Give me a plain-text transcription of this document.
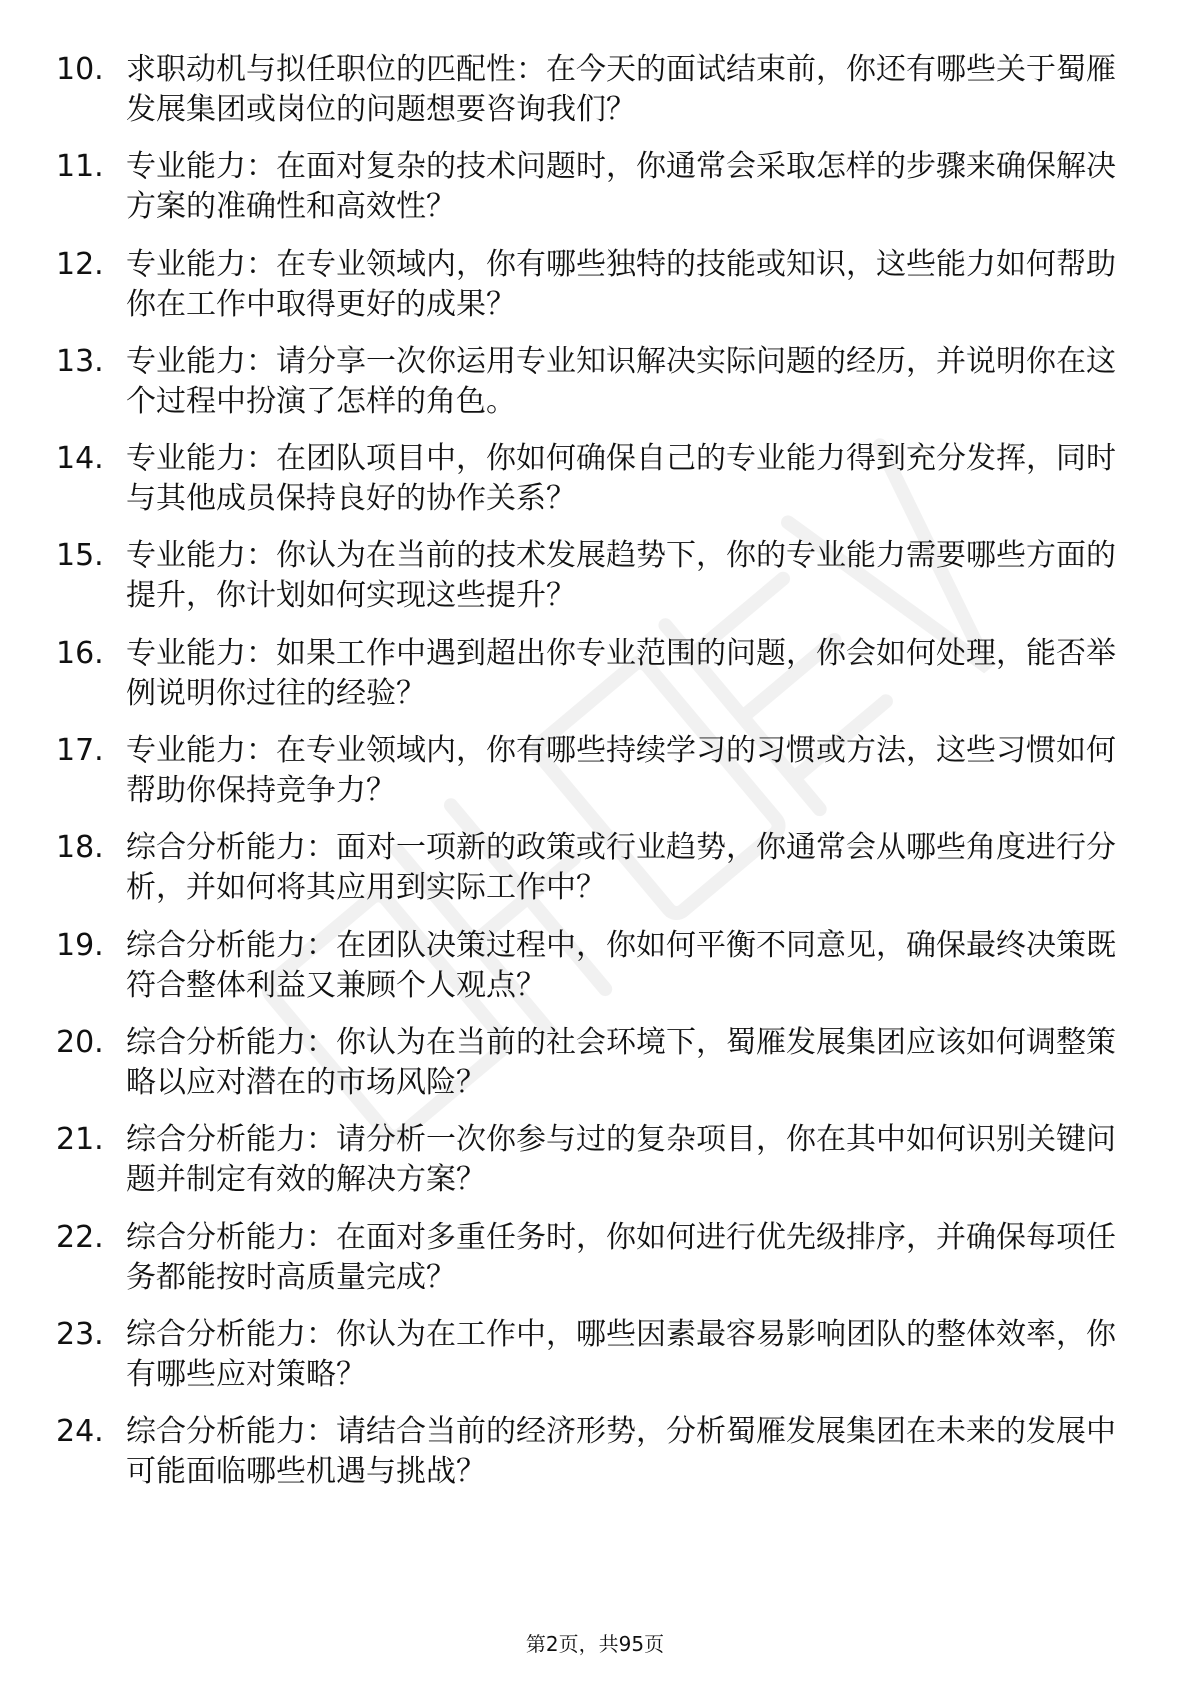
10. 求职动机与拟任职位的匹配性：在今天的面试结束前，你还有哪些关于蜀雁发展集团或岗位的问题想要咨询我们？
11. 专业能力：在面对复杂的技术问题时，你通常会采取怎样的步骤来确保解决方案的准确性和高效性？
12. 专业能力：在专业领域内，你有哪些独特的技能或知识，这些能力如何帮助你在工作中取得更好的成果？
13. 专业能力：请分享一次你运用专业知识解决实际问题的经历，并说明你在这个过程中扮演了怎样的角色。
14. 专业能力：在团队项目中，你如何确保自己的专业能力得到充分发挥，同时与其他成员保持良好的协作关系？
15. 专业能力：你认为在当前的技术发展趋势下，你的专业能力需要哪些方面的提升，你计划如何实现这些提升？
16. 专业能力：如果工作中遇到超出你专业范围的问题，你会如何处理，能否举例说明你过往的经验？
17. 专业能力：在专业领域内，你有哪些持续学习的习惯或方法，这些习惯如何帮助你保持竞争力？
18. 综合分析能力：面对一项新的政策或行业趋势，你通常会从哪些角度进行分析，并如何将其应用到实际工作中？
19. 综合分析能力：在团队决策过程中，你如何平衡不同意见，确保最终决策既符合整体利益又兼顾个人观点？
20. 综合分析能力：你认为在当前的社会环境下，蜀雁发展集团应该如何调整策略以应对潜在的市场风险？
21. 综合分析能力：请分析一次你参与过的复杂项目，你在其中如何识别关键问题并制定有效的解决方案？
22. 综合分析能力：在面对多重任务时，你如何进行优先级排序，并确保每项任务都能按时高质量完成？
23. 综合分析能力：你认为在工作中，哪些因素最容易影响团队的整体效率，你有哪些应对策略？
24. 综合分析能力：请结合当前的经济形势，分析蜀雁发展集团在未来的发展中可能面临哪些机遇与挑战？
第2页，共95页
